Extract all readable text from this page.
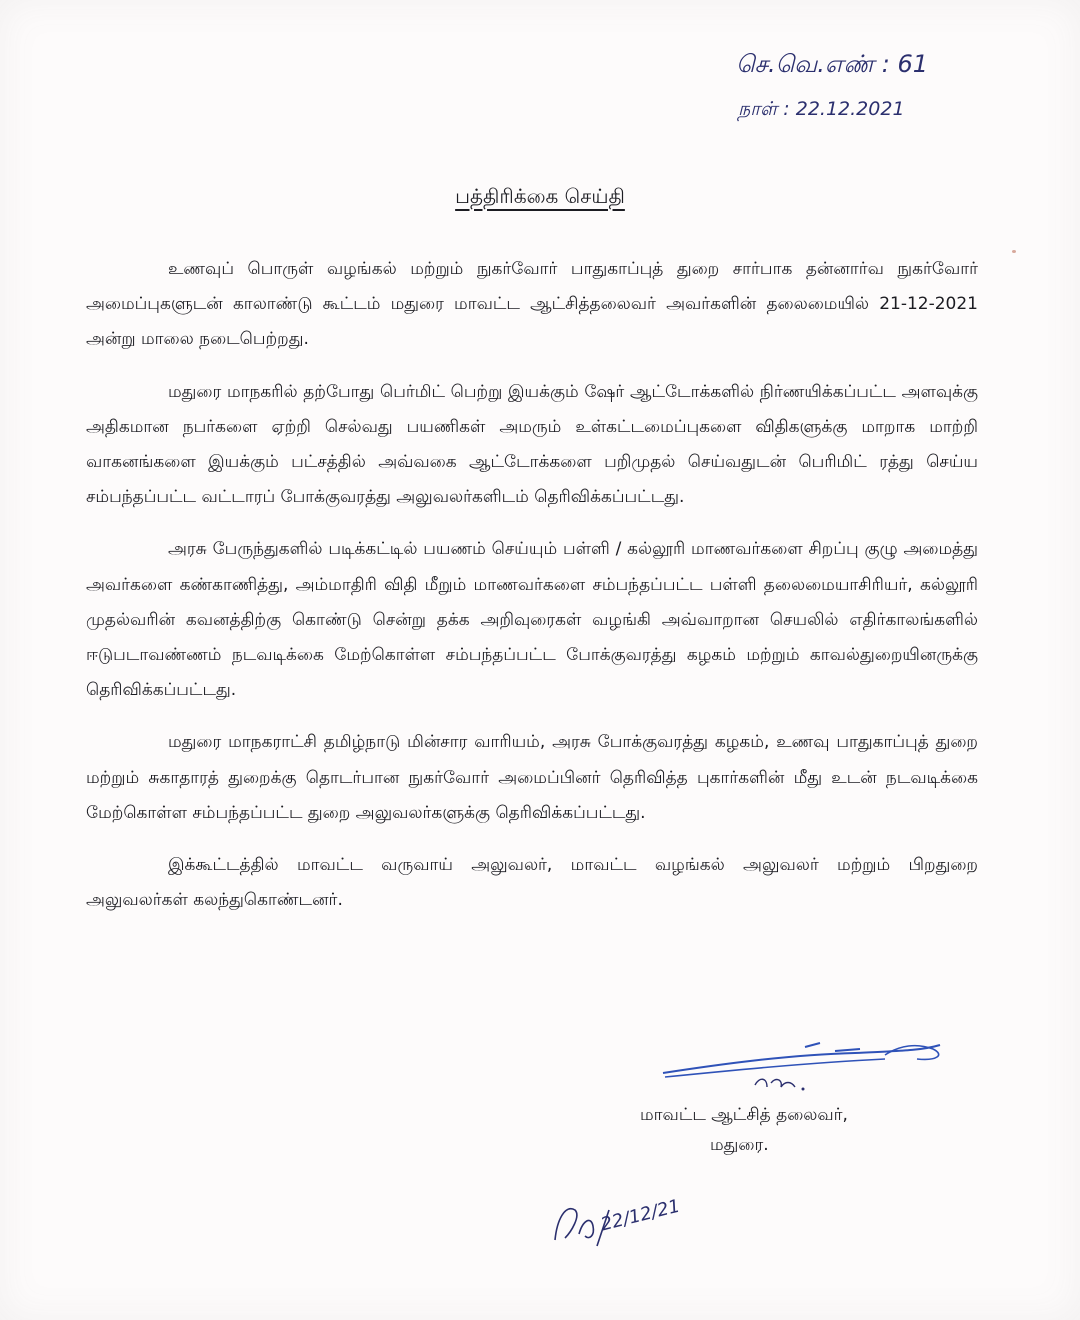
செ.வெ.எண் : 61
நாள் : 22.12.2021
பத்திரிக்கை செய்தி

உணவுப் பொருள் வழங்கல் மற்றும் நுகர்வோர் பாதுகாப்புத் துறை சார்பாக தன்னார்வ நுகர்வோர் அமைப்புகளுடன் காலாண்டு கூட்டம் மதுரை மாவட்ட ஆட்சித்தலைவர் அவர்களின் தலைமையில் 21-12-2021 அன்று மாலை நடைபெற்றது.

மதுரை மாநகரில் தற்போது பெர்மிட் பெற்று இயக்கும் ஷேர் ஆட்டோக்களில் நிர்ணயிக்கப்பட்ட அளவுக்கு அதிகமான நபர்களை ஏற்றி செல்வது பயணிகள் அமரும் உள்கட்டமைப்புகளை விதிகளுக்கு மாறாக மாற்றி வாகனங்களை இயக்கும் பட்சத்தில் அவ்வகை ஆட்டோக்களை பறிமுதல் செய்வதுடன் பெரிமிட் ரத்து செய்ய சம்பந்தப்பட்ட வட்டாரப் போக்குவரத்து அலுவலர்களிடம் தெரிவிக்கப்பட்டது.

அரசு பேருந்துகளில் படிக்கட்டில் பயணம் செய்யும் பள்ளி / கல்லூரி மாணவர்களை சிறப்பு குழு அமைத்து அவர்களை கண்காணித்து, அம்மாதிரி விதி மீறும் மாணவர்களை சம்பந்தப்பட்ட பள்ளி தலைமையாசிரியர், கல்லூரி முதல்வரின் கவனத்திற்கு கொண்டு சென்று தக்க அறிவுரைகள் வழங்கி அவ்வாறான செயலில் எதிர்காலங்களில் ஈடுபடாவண்ணம் நடவடிக்கை மேற்கொள்ள சம்பந்தப்பட்ட போக்குவரத்து கழகம் மற்றும் காவல்துறையினருக்கு தெரிவிக்கப்பட்டது.

மதுரை மாநகராட்சி தமிழ்நாடு மின்சார வாரியம், அரசு போக்குவரத்து கழகம், உணவு பாதுகாப்புத் துறை மற்றும் சுகாதாரத் துறைக்கு தொடர்பான நுகர்வோர் அமைப்பினர் தெரிவித்த புகார்களின் மீது உடன் நடவடிக்கை மேற்கொள்ள சம்பந்தப்பட்ட துறை அலுவலர்களுக்கு தெரிவிக்கப்பட்டது.

இக்கூட்டத்தில் மாவட்ட வருவாய் அலுவலர், மாவட்ட வழங்கல் அலுவலர் மற்றும் பிறதுறை அலுவலர்கள் கலந்துகொண்டனர்.

மாவட்ட ஆட்சித் தலைவர்,
மதுரை.
22/12/21
